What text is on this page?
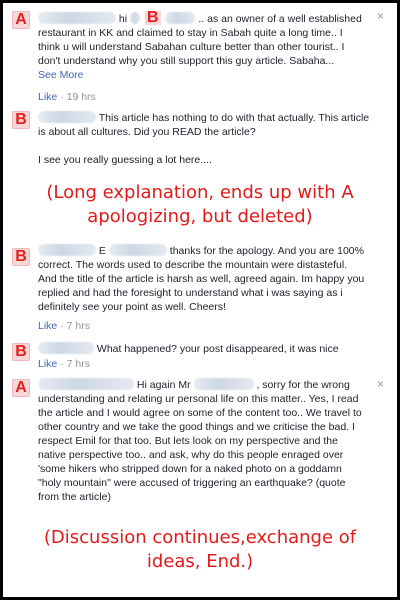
A	×
hi B	.. as an owner of a well established
restaurant in KK and claimed to stay in Sabah quite a long time.. I
think u will understand Sabahan culture better than other tourist.. I
don't understand why you still support this guy article. Sabaha...
See More
Like · 19 hrs
B	This article has nothing to do with that actually. This article
is about all cultures. Did you READ the article?

I see you really guessing a lot here....
(Long explanation, ends up with A apologizing, but deleted)
B	E	thanks for the apology. And you are 100%
correct. The words used to describe the mountain were distasteful.
And the title of the article is harsh as well, agreed again. Im happy you
replied and had the foresight to understand what i was saying as i
definitely see your point as well. Cheers!
Like · 7 hrs
B	What happened? your post disappeared, it was nice
Like · 7 hrs
A	×
Hi again Mr	, sorry for the wrong
understanding and relating ur personal life on this matter.. Yes, I read
the article and I would agree on some of the content too.. We travel to
other country and we take the good things and we criticise the bad. I
respect Emil for that too. But lets look on my perspective and the
native perspective too.. and ask, why do this people enraged over
'some hikers who stripped down for a naked photo on a goddamn
"holy mountain" were accused of triggering an earthquake? (quote
from the article)
(Discussion continues,exchange of ideas, End.)
